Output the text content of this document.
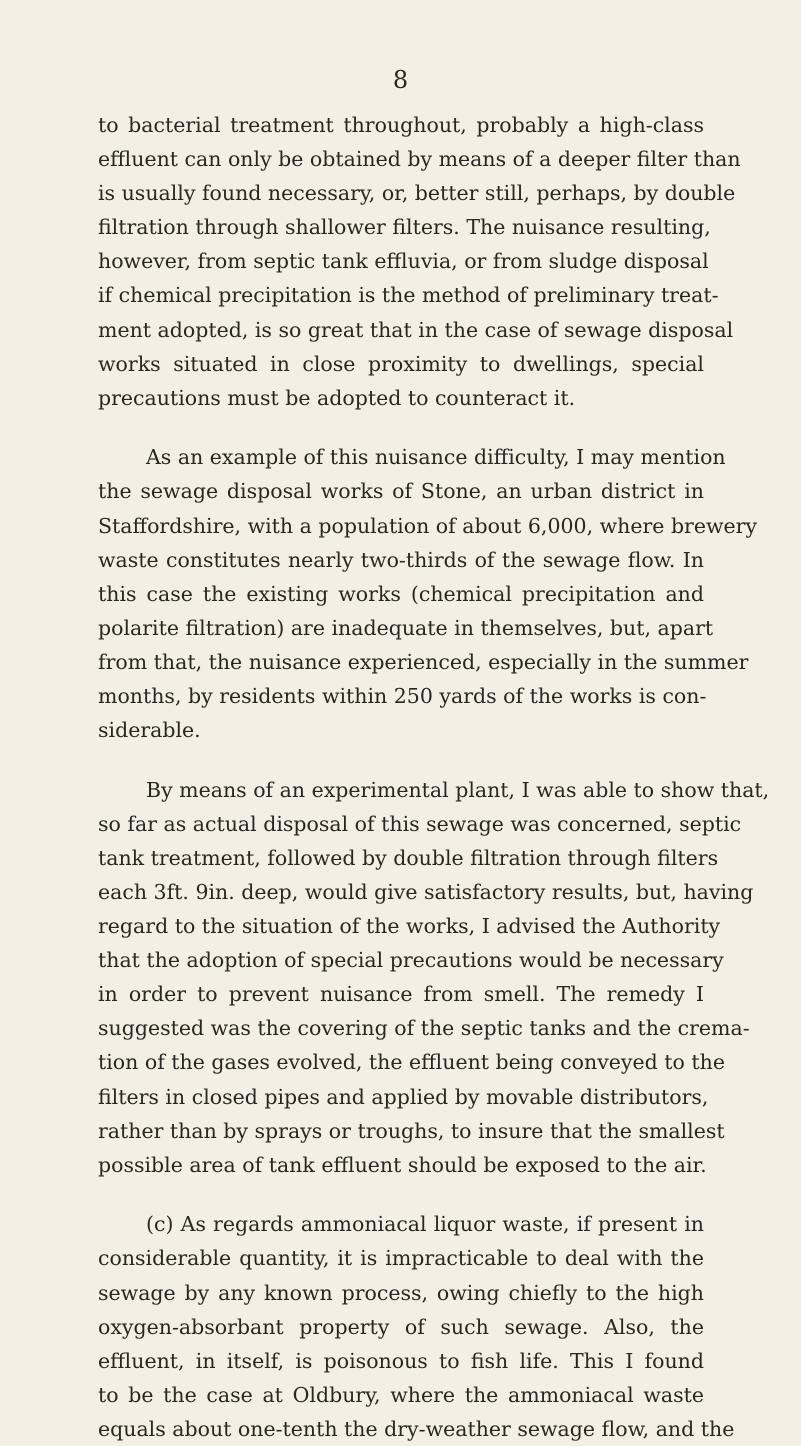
8

to bacterial treatment throughout, probably a high-class
effluent can only be obtained by means of a deeper filter than
is usually found necessary, or, better still, perhaps, by double
filtration through shallower filters. The nuisance resulting,
however, from septic tank effluvia, or from sludge disposal
if chemical precipitation is the method of preliminary treat-
ment adopted, is so great that in the case of sewage disposal
works situated in close proximity to dwellings, special
precautions must be adopted to counteract it.

As an example of this nuisance difficulty, I may mention
the sewage disposal works of Stone, an urban district in
Staffordshire, with a population of about 6,000, where brewery
waste constitutes nearly two-thirds of the sewage flow. In
this case the existing works (chemical precipitation and
polarite filtration) are inadequate in themselves, but, apart
from that, the nuisance experienced, especially in the summer
months, by residents within 250 yards of the works is con-
siderable.

By means of an experimental plant, I was able to show that,
so far as actual disposal of this sewage was concerned, septic
tank treatment, followed by double filtration through filters
each 3ft. 9in. deep, would give satisfactory results, but, having
regard to the situation of the works, I advised the Authority
that the adoption of special precautions would be necessary
in order to prevent nuisance from smell. The remedy I
suggested was the covering of the septic tanks and the crema-
tion of the gases evolved, the effluent being conveyed to the
filters in closed pipes and applied by movable distributors,
rather than by sprays or troughs, to insure that the smallest
possible area of tank effluent should be exposed to the air.

(c) As regards ammoniacal liquor waste, if present in
considerable quantity, it is impracticable to deal with the
sewage by any known process, owing chiefly to the high
oxygen-absorbant property of such sewage. Also, the
effluent, in itself, is poisonous to fish life. This I found
to be the case at Oldbury, where the ammoniacal waste
equals about one-tenth the dry-weather sewage flow, and the
